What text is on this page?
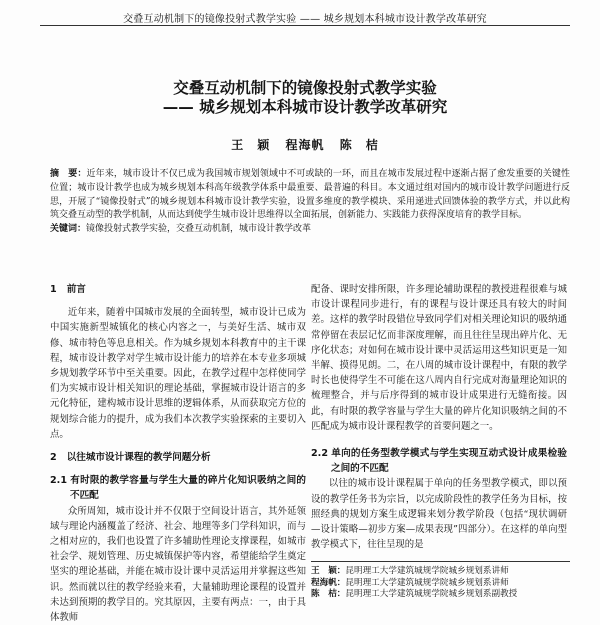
交叠互动机制下的镜像投射式教学实验 —— 城乡规划本科城市设计教学改革研究
交叠互动机制下的镜像投射式教学实验
—— 城乡规划本科城市设计教学改革研究
王　颖 程海帆 陈　桔
摘　要：近年来，城市设计不仅已成为我国城市规划领域中不可或缺的一环，而且在城市发展过程中逐渐占据了愈发重要的关键性位置；城市设计教学也成为城乡规划本科高年级教学体系中最重要、最普遍的科目。本文通过组对国内的城市设计教学问题进行反思，开展了“镜像投射式”的城乡规划本科城市设计教学实验，设置多维度的教学模块、采用递进式回馈体验的教学方式，并以此构筑交叠互动型的教学机制，从而达到使学生城市设计思维得以全面拓展，创新能力、实践能力获得深度培育的教学目标。
关键词：镜像投射式教学实验，交叠互动机制，城市设计教学改革

1 前言

近年来，随着中国城市发展的全面转型，城市设计已成为中国实施新型城镇化的核心内容之一，与美好生活、城市双修、城市特色等息息相关。作为城乡规划本科教育中的主干课程，城市设计教学对学生城市设计能力的培养在本专业多项城乡规划教学环节中至关重要。因此，在教学过程中怎样使同学们为实城市设计相关知识的理论基础，掌握城市设计语言的多元化特征，建构城市设计思维的逻辑体系，从而获取完方位的规划综合能力的提升，成为我们本次教学实验探索的主要切入点。

2 以往城市设计课程的教学问题分析

2.1 有时限的教学容量与学生大量的碎片化知识吸纳之间的不匹配

众所周知，城市设计并不仅限于空间设计语言，其外延领域与理论内涵覆盖了经济、社会、地理等多门学科知识，而与之相对应的，我们也设置了许多辅助性理论支撑课程，如城市社会学、规划管理、历史城镇保护等内容，希望能给学生奠定坚实的理论基础，并能在城市设计课中灵活运用并掌握这些知识。然而就以往的教学经验来看，大量辅助理论课程的设置并未达到预期的教学目的。究其原因，主要有两点：一，由于具体教师

配备、课时安排所限，许多理论辅助课程的教授进程很难与城市设计课程同步进行，有的课程与设计课还具有较大的时间差。这样的教学时段错位导致同学们对相关理论知识的吸纳通常停留在表层记忆而非深度理解，而且往往呈现出碎片化、无序化状态；对如何在城市设计课中灵活运用这些知识更是一知半解、摸得见朗。二，在八周的城市设计课程中，有限的教学时长也使得学生不可能在这八周内自行完成对海量理论知识的梳理整合，并与后序得到的城市设计成果进行无缝衔接。因此，有时限的教学容量与学生大量的碎片化知识吸纳之间的不匹配成为城市设计课程教学的首要问题之一。

2.2 单向的任务型教学模式与学生实现互动式设计成果检验之间的不匹配

以往的城市设计课程属于单向的任务型教学模式，即以预设的教学任务书为宗旨，以完成阶段性的教学任务为目标，按照经典的规划方案生成逻辑来划分教学阶段（包括“现状调研—设计策略—初步方案—成果表现”四部分）。在这样的单向型教学模式下，往往呈现的是

王　颖：昆明理工大学建筑城规学院城乡规划系讲师
程海帆：昆明理工大学建筑城规学院城乡规划系讲师
陈　桔：昆明理工大学建筑城规学院城乡规划系副教授
